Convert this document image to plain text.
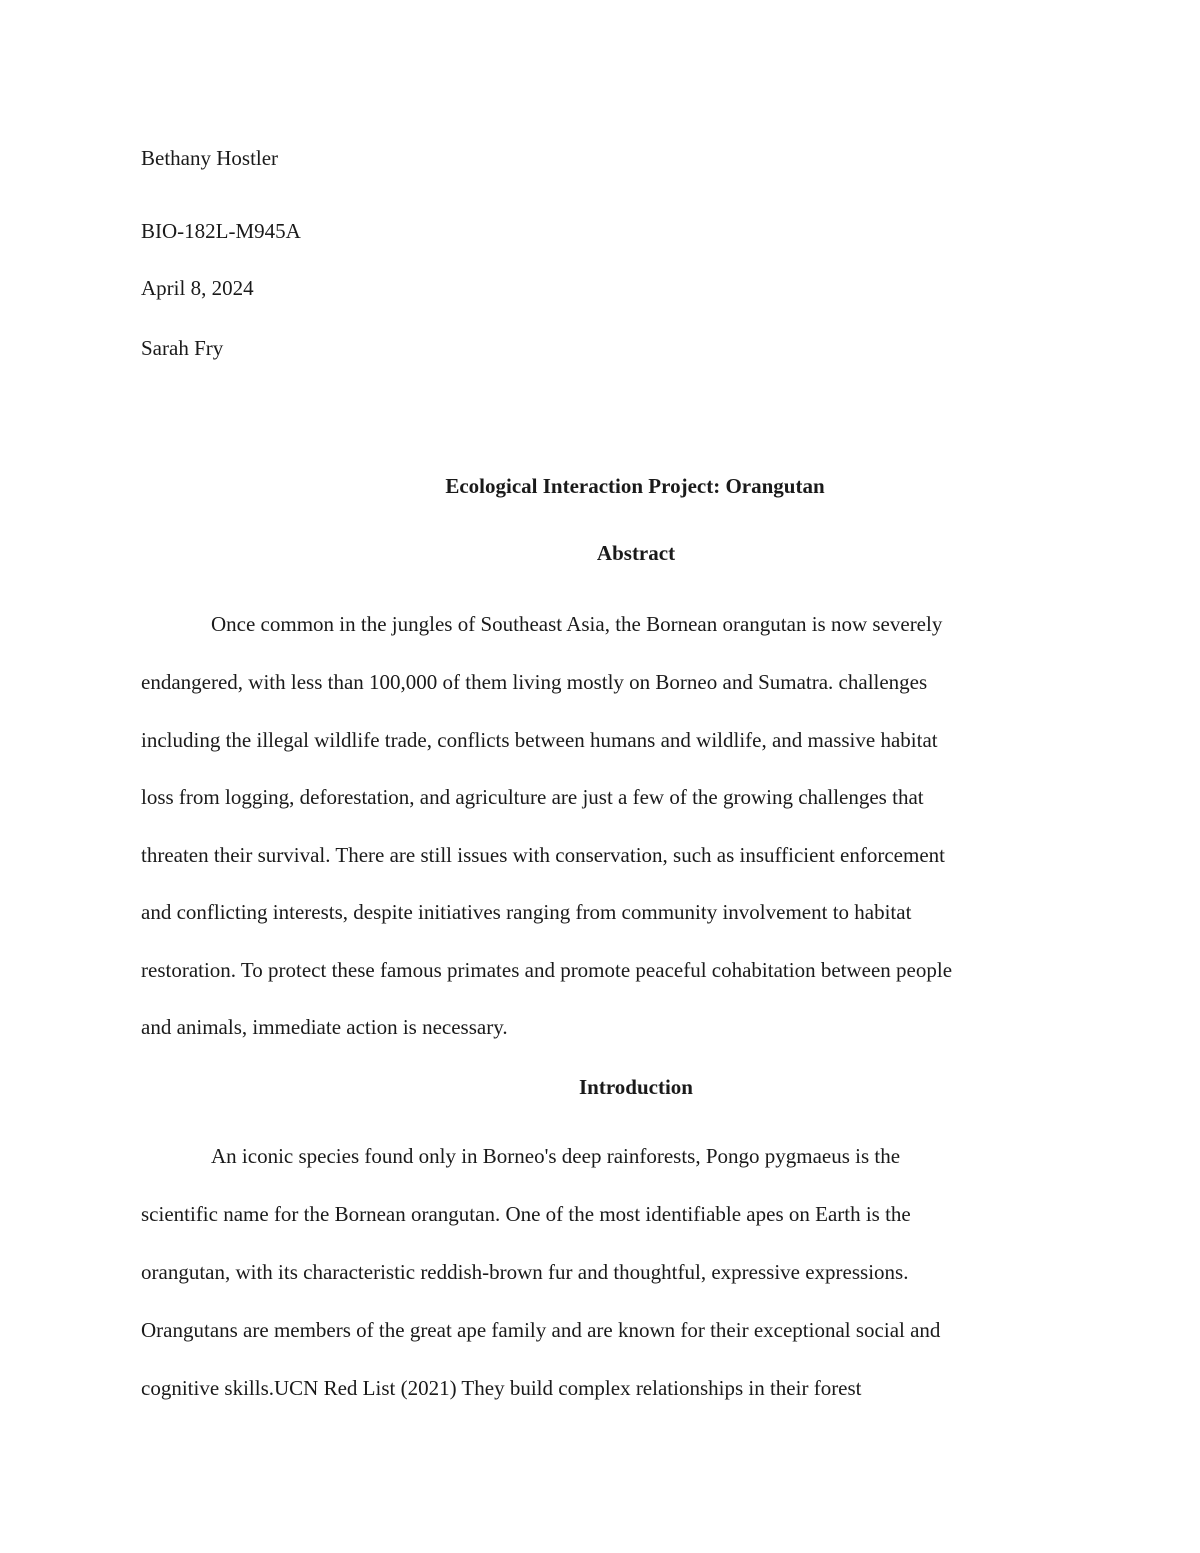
Bethany Hostler
BIO-182L-M945A
April 8, 2024
Sarah Fry
Ecological Interaction Project: Orangutan
Abstract
Once common in the jungles of Southeast Asia, the Bornean orangutan is now severely
endangered, with less than 100,000 of them living mostly on Borneo and Sumatra. challenges
including the illegal wildlife trade, conflicts between humans and wildlife, and massive habitat
loss from logging, deforestation, and agriculture are just a few of the growing challenges that
threaten their survival. There are still issues with conservation, such as insufficient enforcement
and conflicting interests, despite initiatives ranging from community involvement to habitat
restoration. To protect these famous primates and promote peaceful cohabitation between people
and animals, immediate action is necessary.
Introduction
An iconic species found only in Borneo's deep rainforests, Pongo pygmaeus is the
scientific name for the Bornean orangutan. One of the most identifiable apes on Earth is the
orangutan, with its characteristic reddish-brown fur and thoughtful, expressive expressions.
Orangutans are members of the great ape family and are known for their exceptional social and
cognitive skills.UCN Red List (2021) They build complex relationships in their forest
